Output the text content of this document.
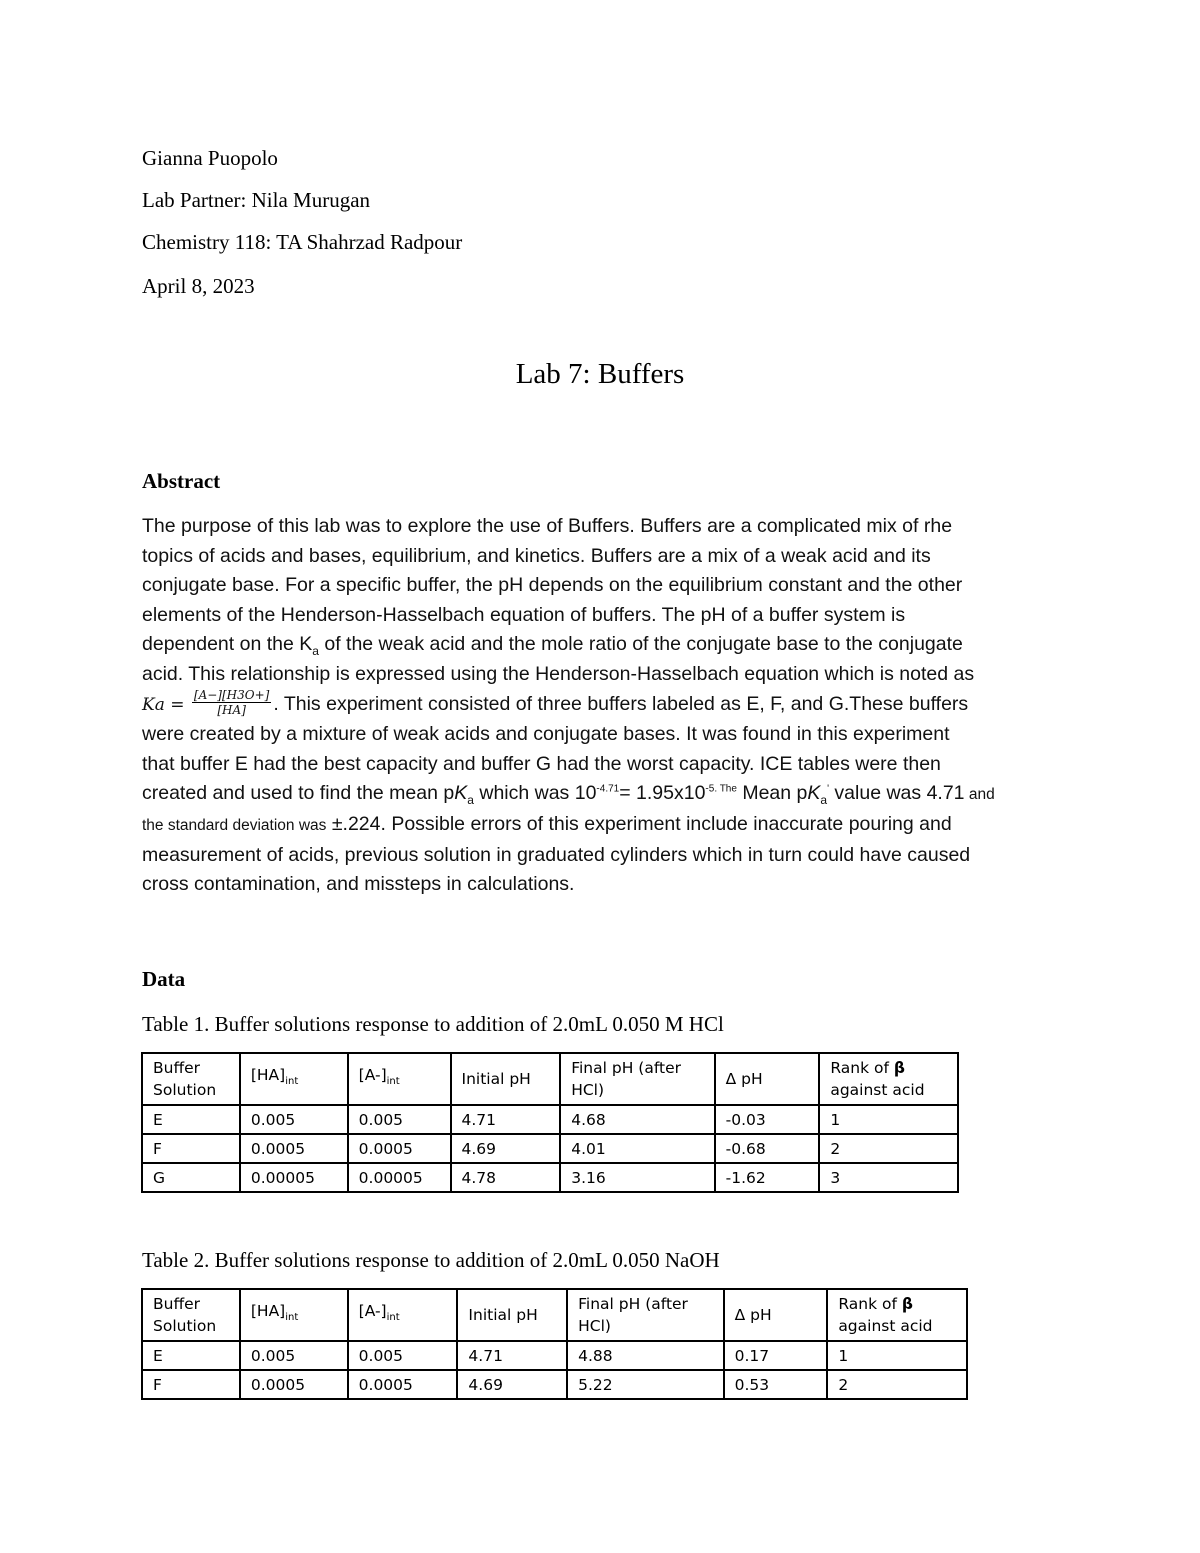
Gianna Puopolo
Lab Partner: Nila Murugan
Chemistry 118: TA Shahrzad Radpour
April 8, 2023
Lab 7: Buffers
Abstract

The purpose of this lab was to explore the use of Buffers. Buffers are a complicated mix of rhe

topics of acids and bases, equilibrium, and kinetics. Buffers are a mix of a weak acid and its

conjugate base. For a specific buffer, the pH depends on the equilibrium constant and the other

elements of the Henderson-Hasselbach equation of buffers. The pH of a buffer system is

dependent on the $K_a$ of the weak acid and the mole ratio of the conjugate base to the conjugate

acid. This relationship is expressed using the Henderson-Hasselbach equation which is noted as

$Ka = \frac{[A-][H3O+]}{[HA]}$ . This experiment consisted of three buffers labeled as E, F, and G.These buffers

were created by a mixture of weak acids and conjugate bases. It was found in this experiment

that buffer E had the best capacity and buffer G had the worst capacity. ICE tables were then

created and used to find the mean $pK_a$ which was $10^{-4.71}= 1.95x10^{-5. The}$ Mean $pK_a'$ value was 4.71 and

the standard deviation was ±.224. Possible errors of this experiment include inaccurate pouring and

measurement of acids, previous solution in graduated cylinders which in turn could have caused

cross contamination, and missteps in calculations.

Data
Table 1. Buffer solutions response to addition of 2.0mL 0.050 M HCl
Buffer Solution	$[HA]_{int}$	$[A-]_{int}$	Initial pH	Final pH (after HCl)	Δ pH	Rank of β against acid
E	0.005	0.005	4.71	4.68	-0.03	1
F	0.0005	0.0005	4.69	4.01	-0.68	2
G	0.00005	0.00005	4.78	3.16	-1.62	3
Table 2. Buffer solutions response to addition of 2.0mL 0.050 NaOH
Buffer Solution	$[HA]_{int}$	$[A-]_{int}$	Initial pH	Final pH (after HCl)	Δ pH	Rank of β against acid
E	0.005	0.005	4.71	4.88	0.17	1
F	0.0005	0.0005	4.69	5.22	0.53	2
